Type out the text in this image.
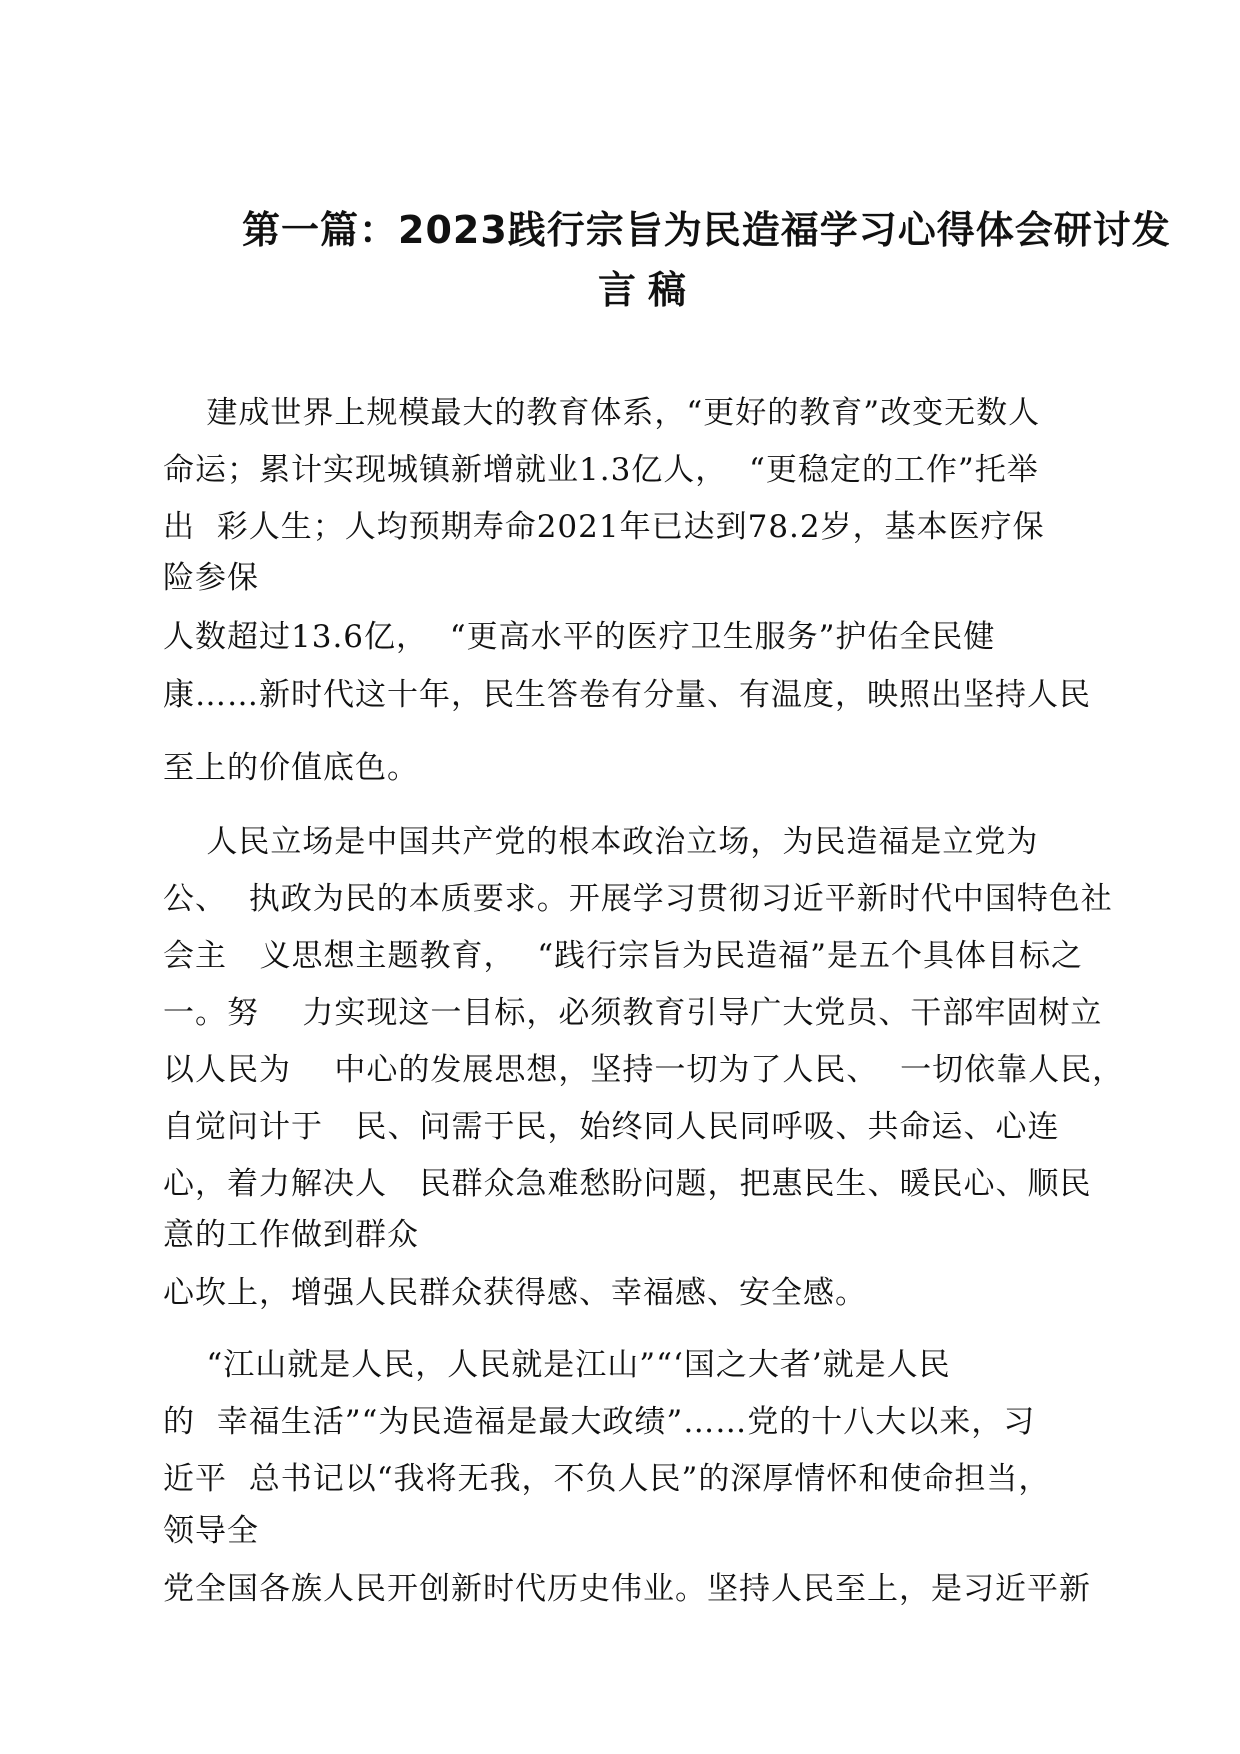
第一篇：2023践行宗旨为民造福学习心得体会研讨发
言稿
建成世界上规模最大的教育体系，“更好的教育”改变无数人
命运；累计实现城镇新增就业1.3亿人，  “更稳定的工作”托举
出  彩人生；人均预期寿命2021年已达到78.2岁，基本医疗保
险参保
人数超过13.6亿，  “更高水平的医疗卫生服务”护佑全民健
康……新时代这十年，民生答卷有分量、有温度，映照出坚持人民
至上的价值底色。
人民立场是中国共产党的根本政治立场，为民造福是立党为
公、  执政为民的本质要求。开展学习贯彻习近平新时代中国特色社
会主   义思想主题教育，  “践行宗旨为民造福”是五个具体目标之
一。努    力实现这一目标，必须教育引导广大党员、干部牢固树立
以人民为    中心的发展思想，坚持一切为了人民、  一切依靠人民，
自觉问计于   民、问需于民，始终同人民同呼吸、共命运、心连
心，着力解决人   民群众急难愁盼问题，把惠民生、暖民心、顺民
意的工作做到群众
心坎上，增强人民群众获得感、幸福感、安全感。
“江山就是人民，人民就是江山”“‘国之大者’就是人民
的  幸福生活”“为民造福是最大政绩”……党的十八大以来，习
近平  总书记以“我将无我，不负人民”的深厚情怀和使命担当，
领导全
党全国各族人民开创新时代历史伟业。坚持人民至上，是习近平新
